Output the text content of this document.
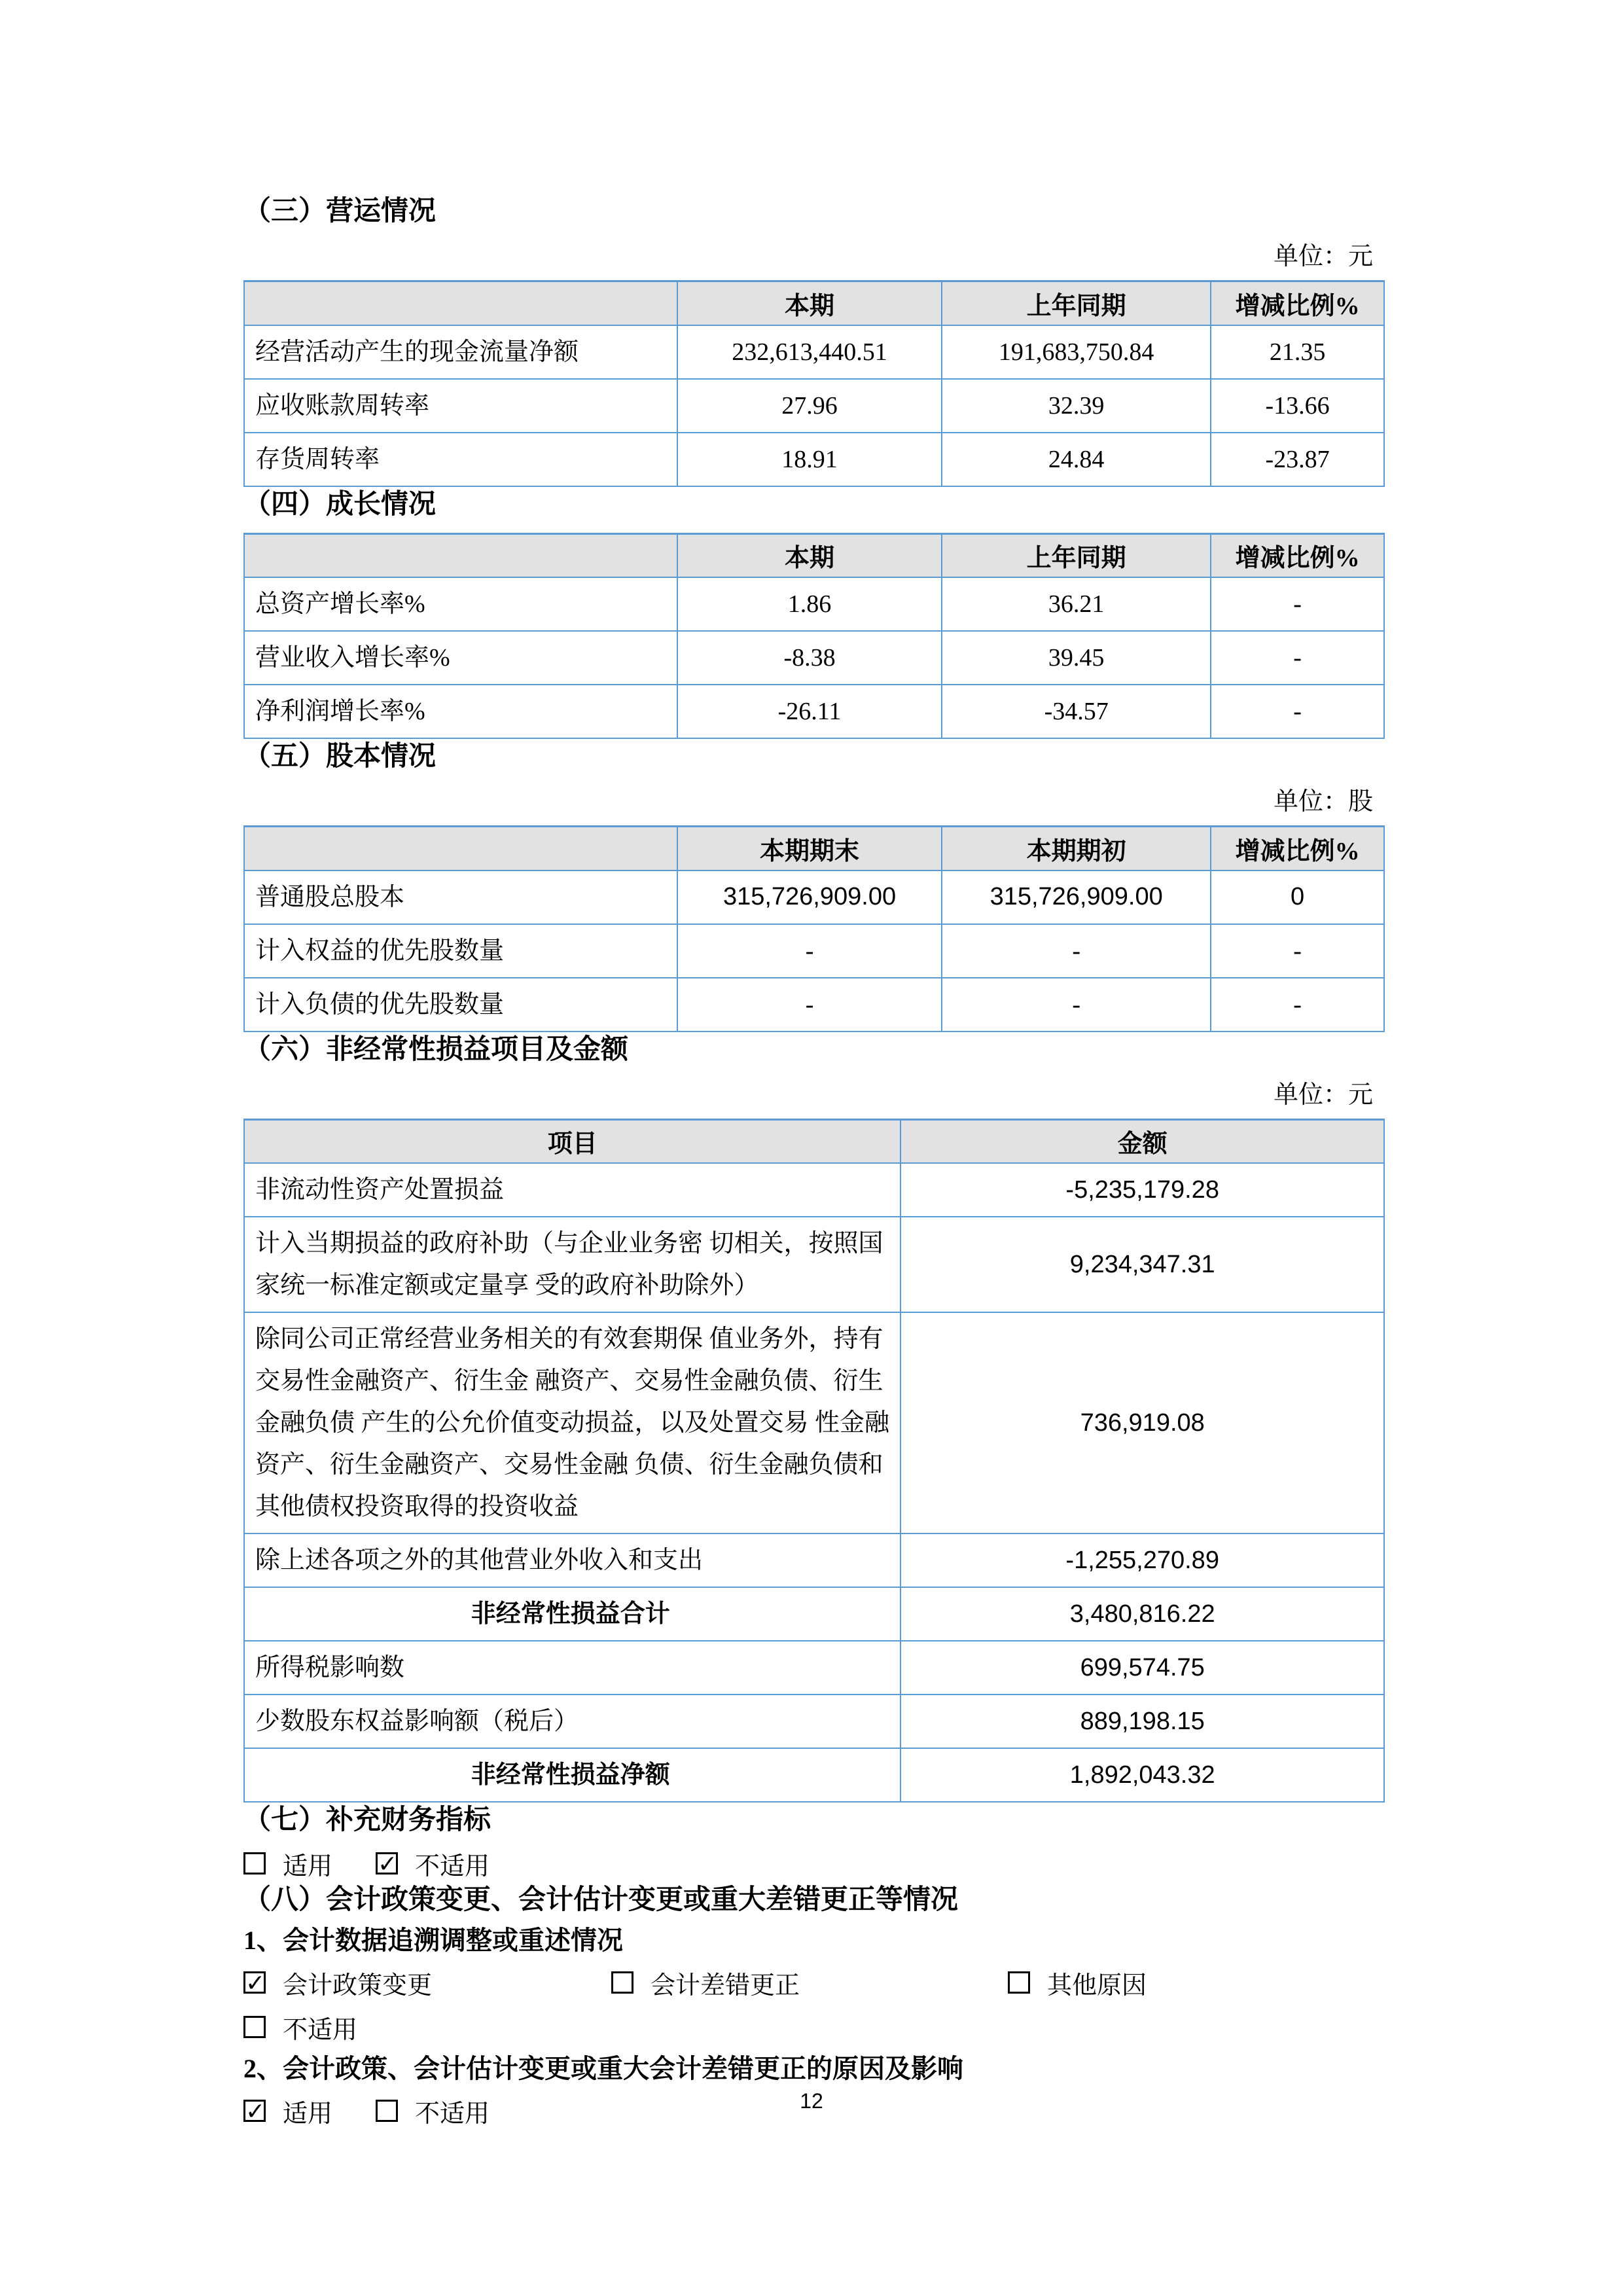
（三）营运情况
单位：元
	本期	上年同期	增减比例%
经营活动产生的现金流量净额	232,613,440.51	191,683,750.84	21.35
应收账款周转率	27.96	32.39	-13.66
存货周转率	18.91	24.84	-23.87
（四）成长情况
	本期	上年同期	增减比例%
总资产增长率%	1.86	36.21	-
营业收入增长率%	-8.38	39.45	-
净利润增长率%	-26.11	-34.57	-
（五）股本情况
单位：股
	本期期末	本期期初	增减比例%
普通股总股本	315,726,909.00	315,726,909.00	0
计入权益的优先股数量	-	-	-
计入负债的优先股数量	-	-	-
（六）非经常性损益项目及金额
单位：元
项目	金额
非流动性资产处置损益	-5,235,179.28
计入当期损益的政府补助（与企业业务密 切相关，按照国家统一标准定额或定量享 受的政府补助除外）	9,234,347.31
除同公司正常经营业务相关的有效套期保 值业务外，持有交易性金融资产、衍生金 融资产、交易性金融负债、衍生金融负债 产生的公允价值变动损益，以及处置交易 性金融资产、衍生金融资产、交易性金融 负债、衍生金融负债和其他债权投资取得的投资收益	736,919.08
除上述各项之外的其他营业外收入和支出	-1,255,270.89
非经常性损益合计	3,480,816.22
所得税影响数	699,574.75
少数股东权益影响额（税后）	889,198.15
非经常性损益净额	1,892,043.32
（七）补充财务指标
适用 ✓ 不适用
（八）会计政策变更、会计估计变更或重大差错更正等情况
1、会计数据追溯调整或重述情况
✓ 会计政策变更	会计差错更正	其他原因
不适用
2、会计政策、会计估计变更或重大会计差错更正的原因及影响
✓ 适用	不适用	12
